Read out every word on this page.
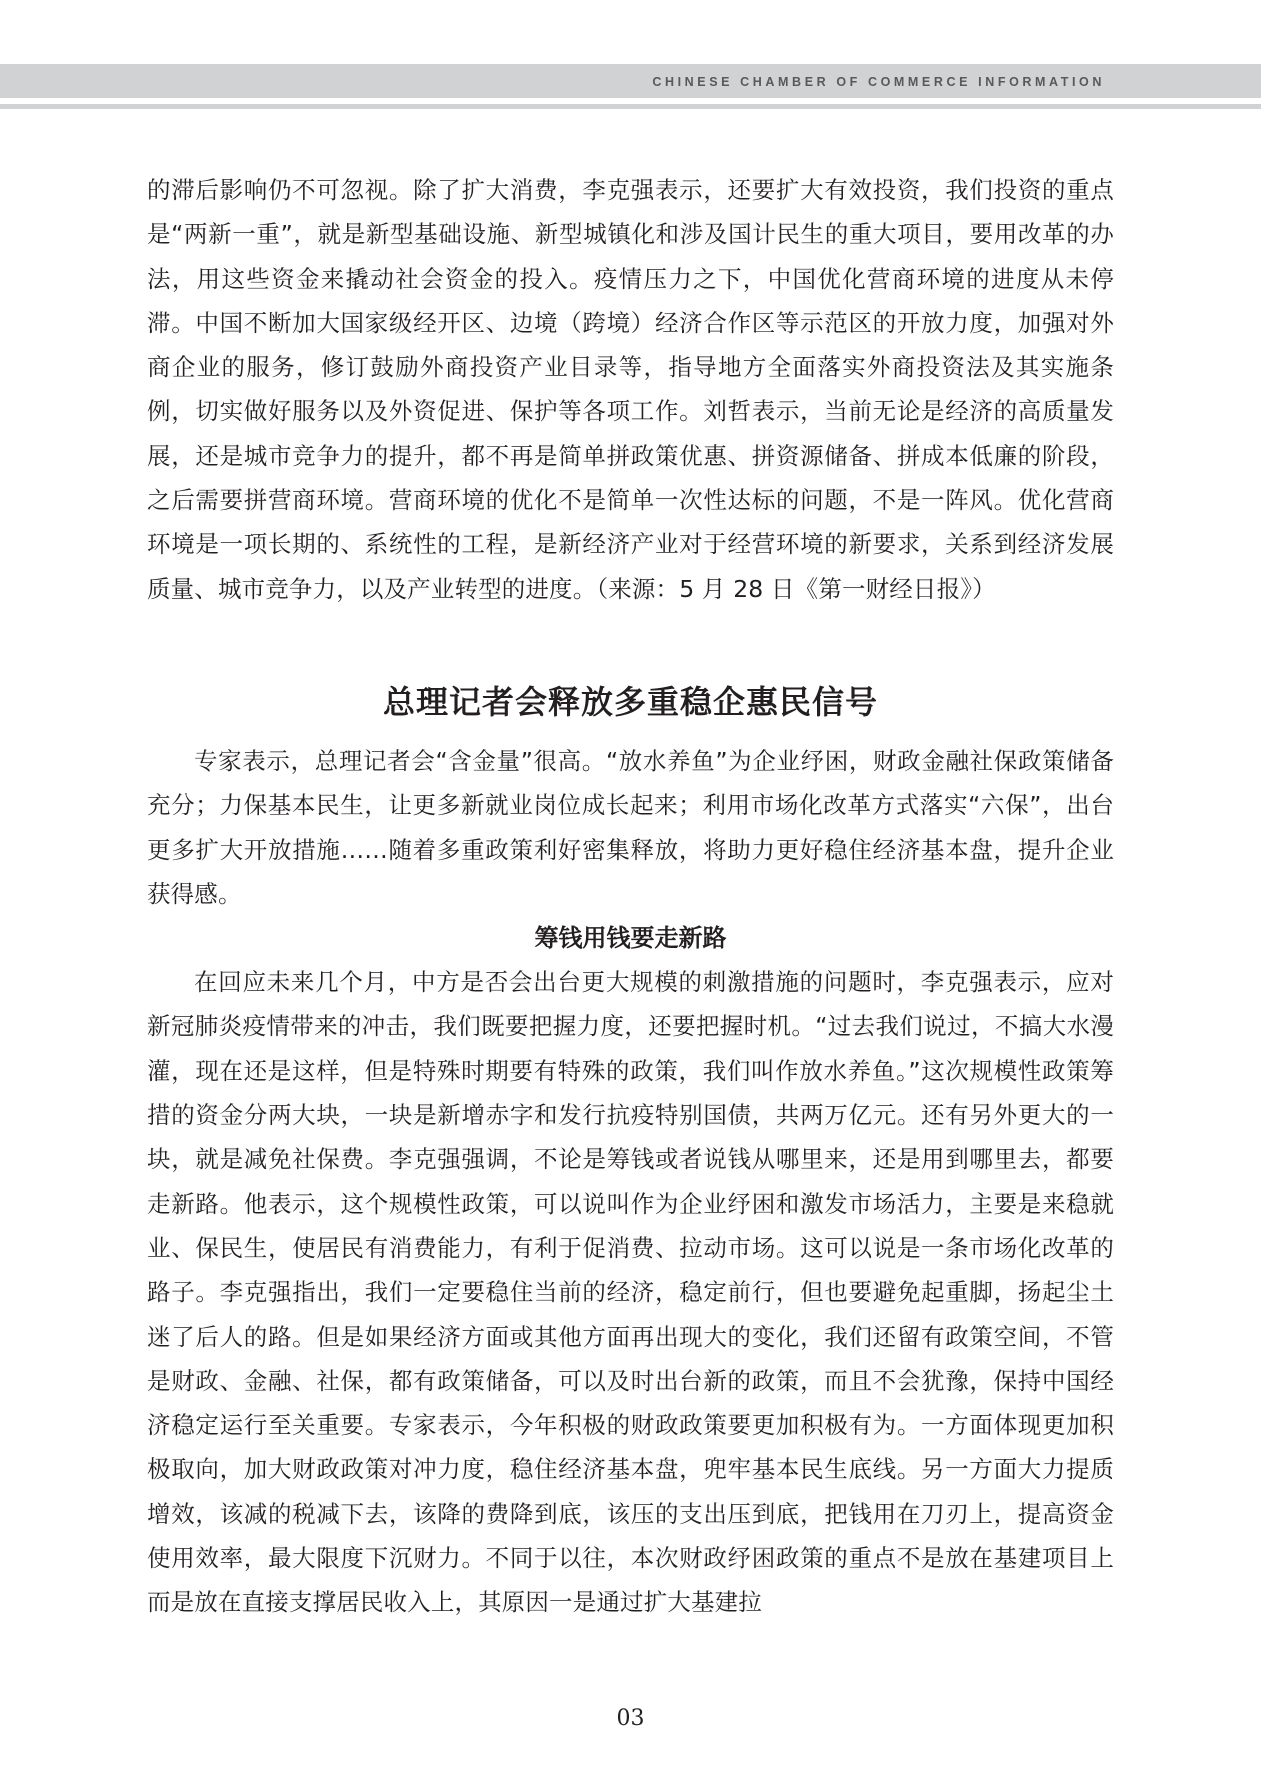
CHINESE CHAMBER OF COMMERCE INFORMATION

的滞后影响仍不可忽视。除了扩大消费，李克强表示，还要扩大有效投资，我们投资的重点是“两新一重”，就是新型基础设施、新型城镇化和涉及国计民生的重大项目，要用改革的办法，用这些资金来撬动社会资金的投入。疫情压力之下，中国优化营商环境的进度从未停滞。中国不断加大国家级经开区、边境（跨境）经济合作区等示范区的开放力度，加强对外商企业的服务，修订鼓励外商投资产业目录等，指导地方全面落实外商投资法及其实施条例，切实做好服务以及外资促进、保护等各项工作。刘哲表示，当前无论是经济的高质量发展，还是城市竞争力的提升，都不再是简单拼政策优惠、拼资源储备、拼成本低廉的阶段，之后需要拼营商环境。营商环境的优化不是简单一次性达标的问题，不是一阵风。优化营商环境是一项长期的、系统性的工程，是新经济产业对于经营环境的新要求，关系到经济发展质量、城市竞争力，以及产业转型的进度。（来源：5 月 28 日《第一财经日报》）

总理记者会释放多重稳企惠民信号

专家表示，总理记者会“含金量”很高。“放水养鱼”为企业纾困，财政金融社保政策储备充分；力保基本民生，让更多新就业岗位成长起来；利用市场化改革方式落实“六保”，出台更多扩大开放措施……随着多重政策利好密集释放，将助力更好稳住经济基本盘，提升企业获得感。

筹钱用钱要走新路

在回应未来几个月，中方是否会出台更大规模的刺激措施的问题时，李克强表示，应对新冠肺炎疫情带来的冲击，我们既要把握力度，还要把握时机。“过去我们说过，不搞大水漫灌，现在还是这样，但是特殊时期要有特殊的政策，我们叫作放水养鱼。”这次规模性政策筹措的资金分两大块，一块是新增赤字和发行抗疫特别国债，共两万亿元。还有另外更大的一块，就是减免社保费。李克强强调，不论是筹钱或者说钱从哪里来，还是用到哪里去，都要走新路。他表示，这个规模性政策，可以说叫作为企业纾困和激发市场活力，主要是来稳就业、保民生，使居民有消费能力，有利于促消费、拉动市场。这可以说是一条市场化改革的路子。李克强指出，我们一定要稳住当前的经济，稳定前行，但也要避免起重脚，扬起尘土迷了后人的路。但是如果经济方面或其他方面再出现大的变化，我们还留有政策空间，不管是财政、金融、社保，都有政策储备，可以及时出台新的政策，而且不会犹豫，保持中国经济稳定运行至关重要。专家表示，今年积极的财政政策要更加积极有为。一方面体现更加积极取向，加大财政政策对冲力度，稳住经济基本盘，兜牢基本民生底线。另一方面大力提质增效，该减的税减下去，该降的费降到底，该压的支出压到底，把钱用在刀刃上，提高资金使用效率，最大限度下沉财力。不同于以往，本次财政纾困政策的重点不是放在基建项目上而是放在直接支撑居民收入上，其原因一是通过扩大基建拉

03
